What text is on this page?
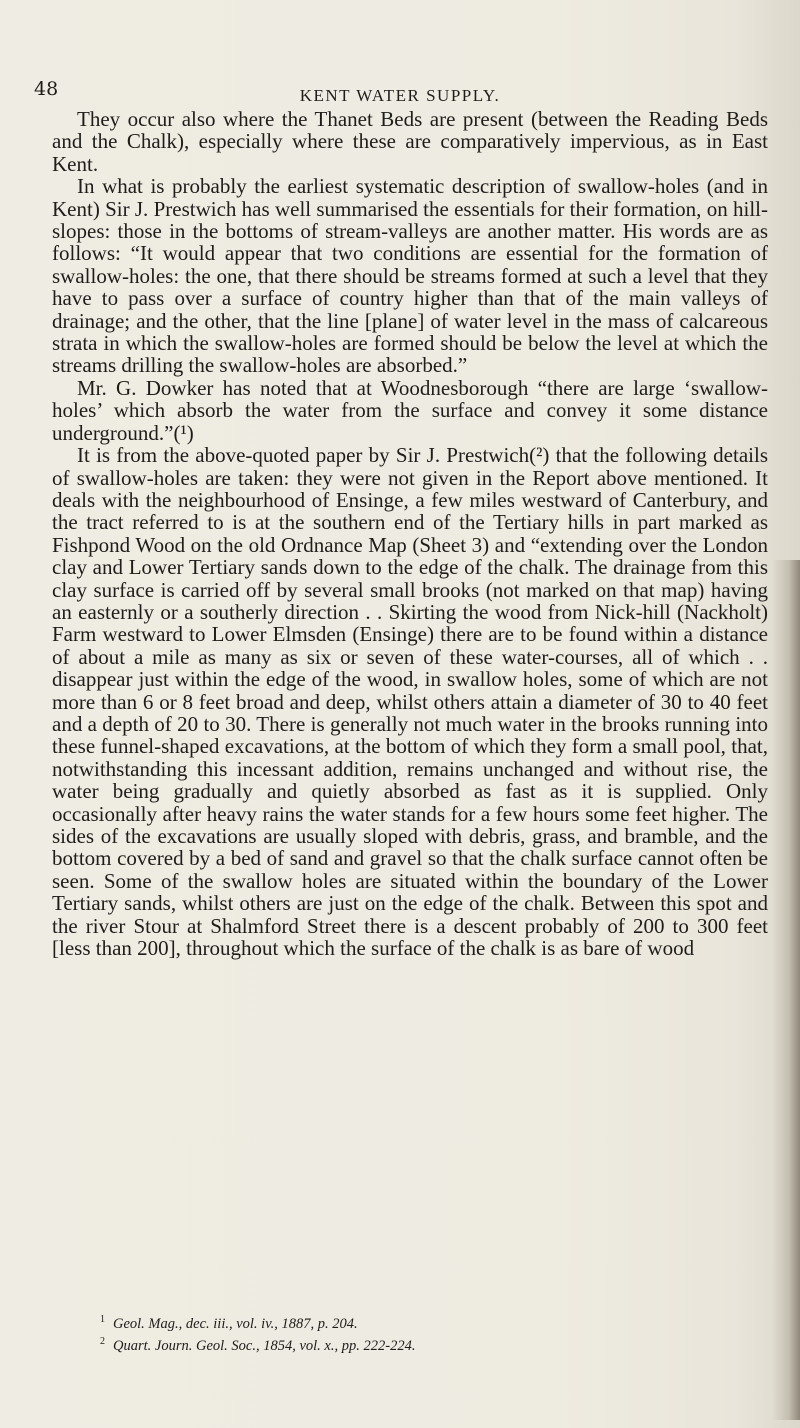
48	KENT WATER SUPPLY.

They occur also where the Thanet Beds are present (between the Reading Beds and the Chalk), especially where these are comparatively impervious, as in East Kent.

In what is probably the earliest systematic description of swallow-holes (and in Kent) Sir J. Prestwich has well summarised the essentials for their formation, on hill-slopes: those in the bottoms of stream-valleys are another matter. His words are as follows: “It would appear that two conditions are essential for the formation of swallow-holes: the one, that there should be streams formed at such a level that they have to pass over a surface of country higher than that of the main valleys of drainage; and the other, that the line [plane] of water level in the mass of calcareous strata in which the swallow-holes are formed should be below the level at which the streams drilling the swallow-holes are absorbed.”

Mr. G. Dowker has noted that at Woodnesborough “there are large ‘swallow-holes’ which absorb the water from the surface and convey it some distance underground.”(¹)

It is from the above-quoted paper by Sir J. Prestwich(²) that the following details of swallow-holes are taken: they were not given in the Report above mentioned. It deals with the neighbourhood of Ensinge, a few miles westward of Canterbury, and the tract referred to is at the southern end of the Tertiary hills in part marked as Fishpond Wood on the old Ordnance Map (Sheet 3) and “extending over the London clay and Lower Tertiary sands down to the edge of the chalk. The drainage from this clay surface is carried off by several small brooks (not marked on that map) having an easternly or a southerly direction . . Skirting the wood from Nick-hill (Nackholt) Farm westward to Lower Elmsden (Ensinge) there are to be found within a distance of about a mile as many as six or seven of these water-courses, all of which . . disappear just within the edge of the wood, in swallow holes, some of which are not more than 6 or 8 feet broad and deep, whilst others attain a diameter of 30 to 40 feet and a depth of 20 to 30. There is generally not much water in the brooks running into these funnel-shaped excavations, at the bottom of which they form a small pool, that, notwithstanding this incessant addition, remains unchanged and without rise, the water being gradually and quietly absorbed as fast as it is supplied. Only occasionally after heavy rains the water stands for a few hours some feet higher. The sides of the excavations are usually sloped with debris, grass, and bramble, and the bottom covered by a bed of sand and gravel so that the chalk surface cannot often be seen. Some of the swallow holes are situated within the boundary of the Lower Tertiary sands, whilst others are just on the edge of the chalk. Between this spot and the river Stour at Shalmford Street there is a descent probably of 200 to 300 feet [less than 200], throughout which the surface of the chalk is as bare of wood

$^1$ Geol. Mag., dec. iii., vol. iv., 1887, p. 204.
$^2$ Quart. Journ. Geol. Soc., 1854, vol. x., pp. 222-224.
